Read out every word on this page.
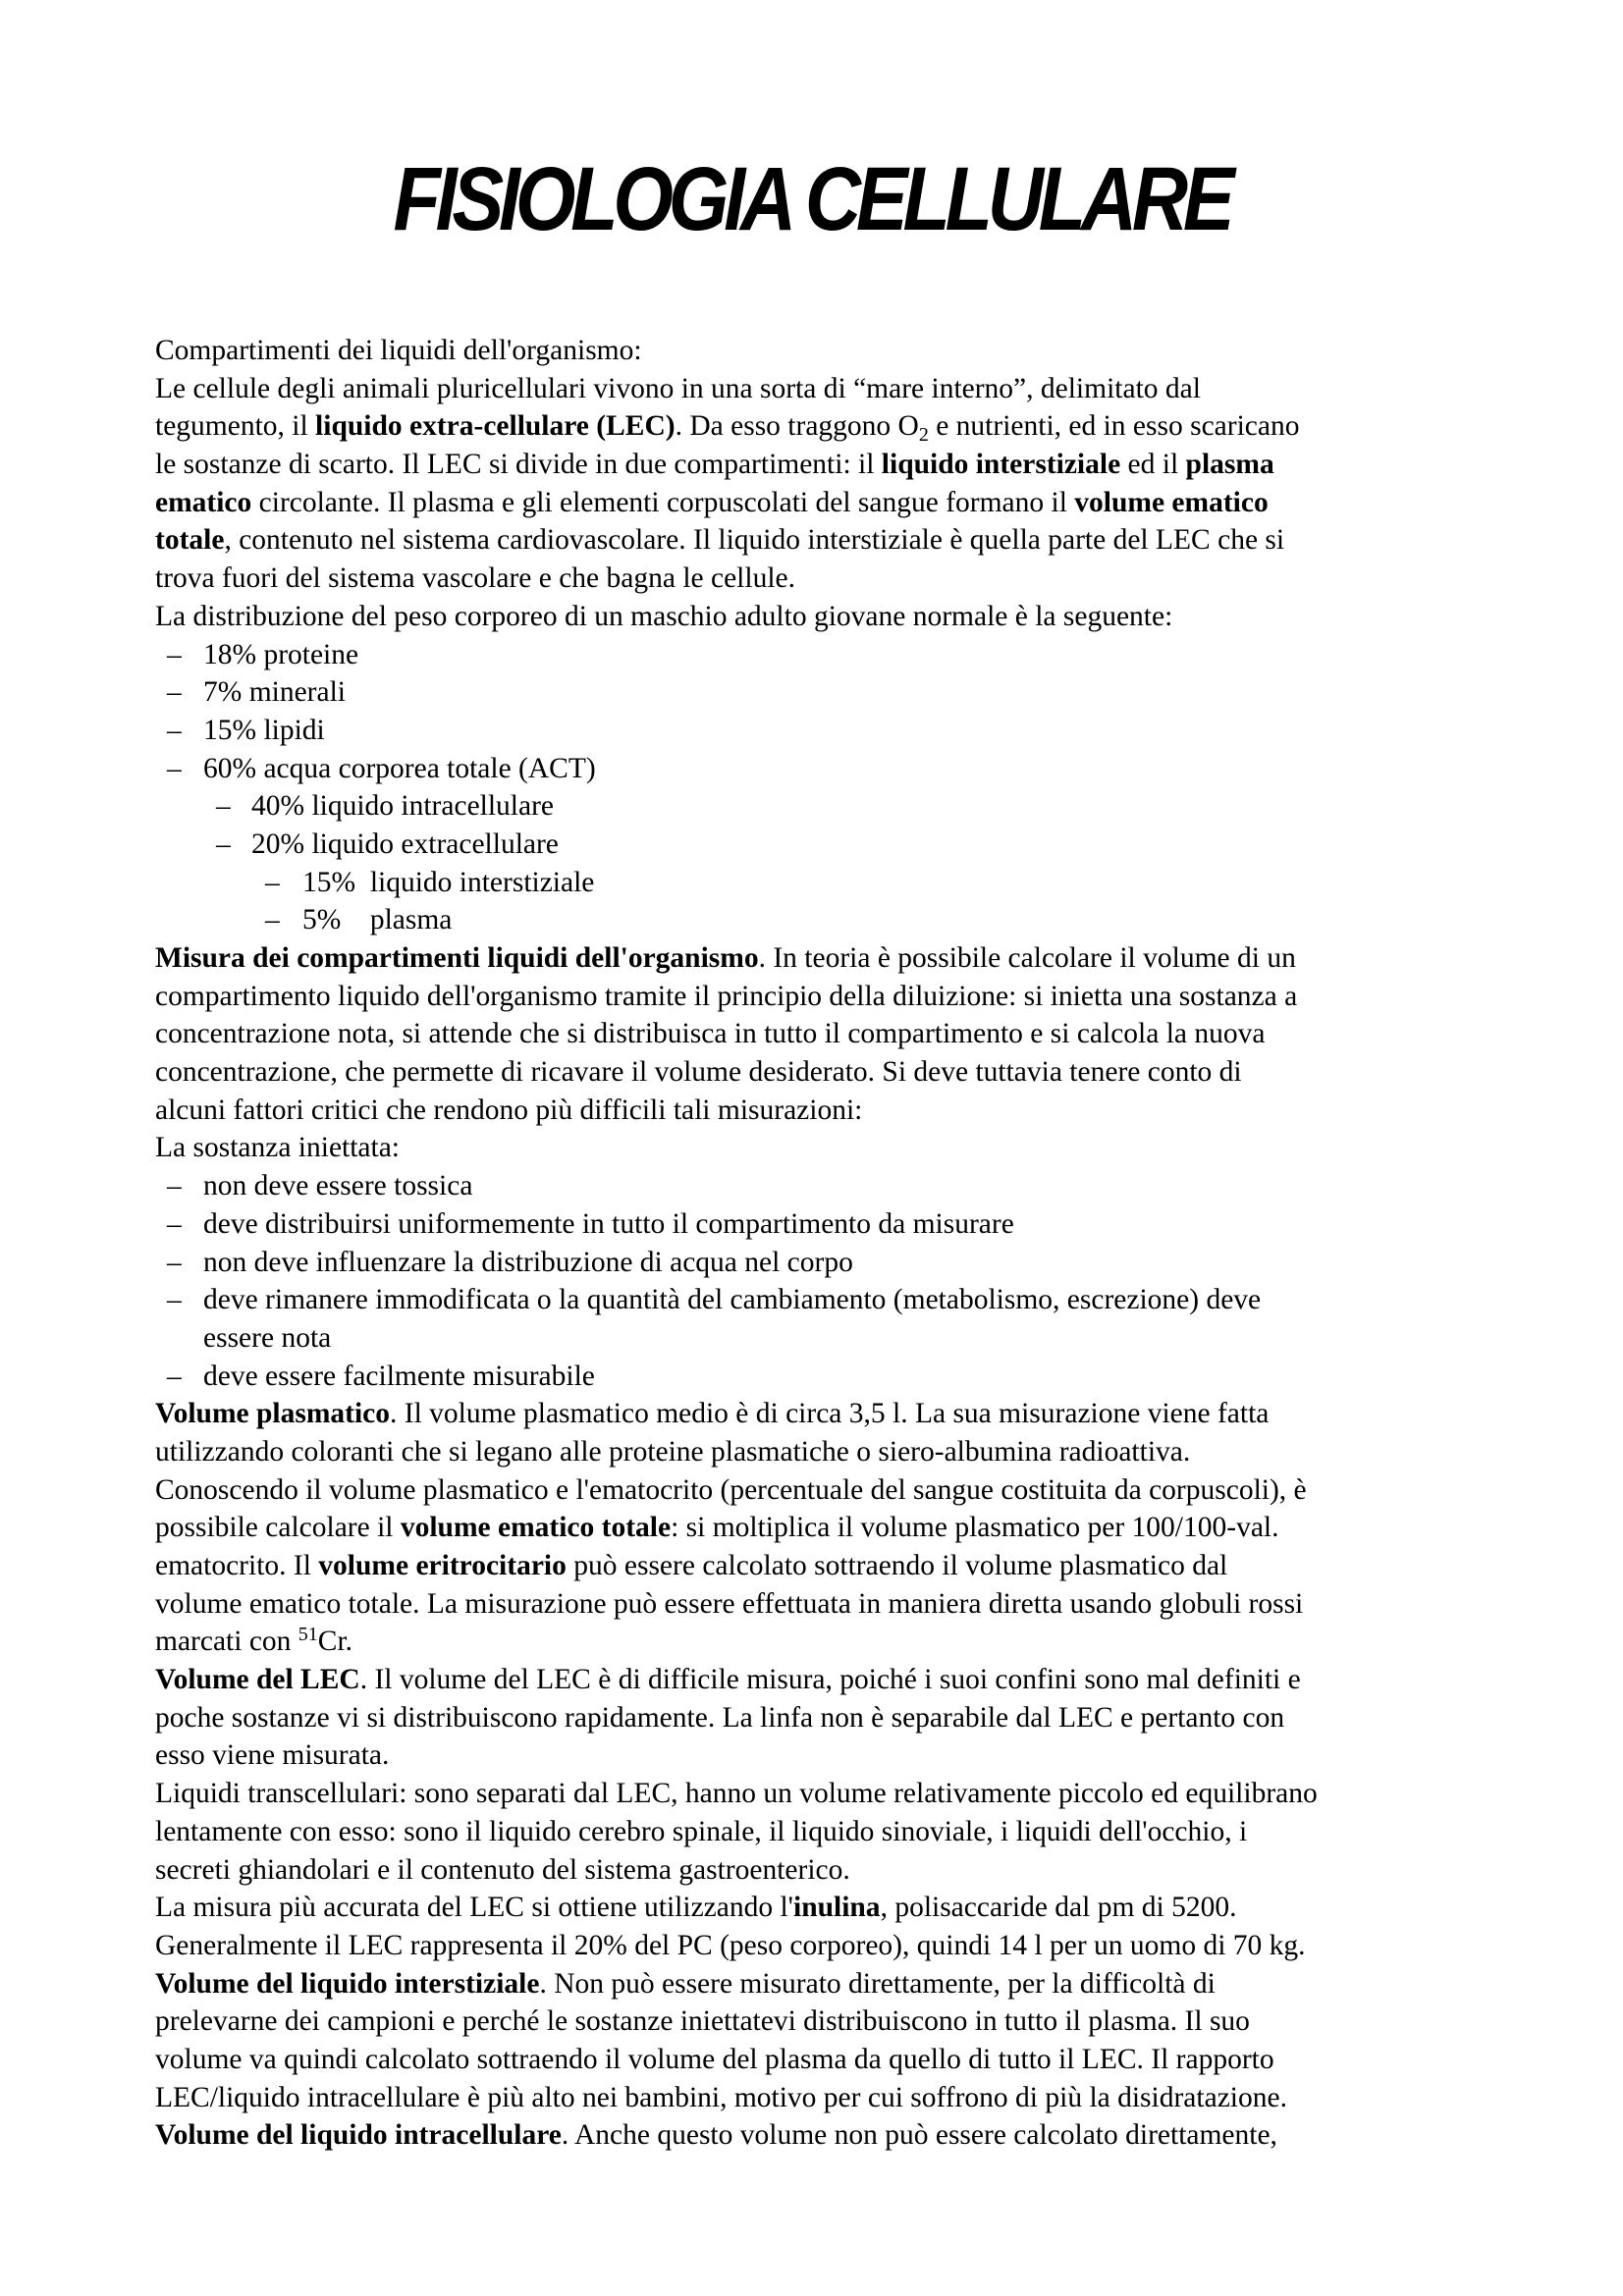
FISIOLOGIA CELLULARE
Compartimenti dei liquidi dell'organismo:
Le cellule degli animali pluricellulari vivono in una sorta di “mare interno”, delimitato dal
tegumento, il liquido extra-cellulare (LEC). Da esso traggono $O_2$ e nutrienti, ed in esso scaricano
le sostanze di scarto. Il LEC si divide in due compartimenti: il liquido interstiziale ed il plasma
ematico circolante. Il plasma e gli elementi corpuscolati del sangue formano il volume ematico
totale, contenuto nel sistema cardiovascolare. Il liquido interstiziale è quella parte del LEC che si
trova fuori del sistema vascolare e che bagna le cellule.
La distribuzione del peso corporeo di un maschio adulto giovane normale è la seguente:
– 18% proteine
– 7% minerali
– 15% lipidi
– 60% acqua corporea totale (ACT)
– 40% liquido intracellulare
– 20% liquido extracellulare
– 15%  liquido interstiziale
– 5%    plasma
Misura dei compartimenti liquidi dell'organismo. In teoria è possibile calcolare il volume di un
compartimento liquido dell'organismo tramite il principio della diluizione: si inietta una sostanza a
concentrazione nota, si attende che si distribuisca in tutto il compartimento e si calcola la nuova
concentrazione, che permette di ricavare il volume desiderato. Si deve tuttavia tenere conto di
alcuni fattori critici che rendono più difficili tali misurazioni:
La sostanza iniettata:
– non deve essere tossica
– deve distribuirsi uniformemente in tutto il compartimento da misurare
– non deve influenzare la distribuzione di acqua nel corpo
– deve rimanere immodificata o la quantità del cambiamento (metabolismo, escrezione) deve
essere nota
– deve essere facilmente misurabile
Volume plasmatico. Il volume plasmatico medio è di circa 3,5 l. La sua misurazione viene fatta
utilizzando coloranti che si legano alle proteine plasmatiche o siero-albumina radioattiva.
Conoscendo il volume plasmatico e l'ematocrito (percentuale del sangue costituita da corpuscoli), è
possibile calcolare il volume ematico totale: si moltiplica il volume plasmatico per 100/100-val.
ematocrito. Il volume eritrocitario può essere calcolato sottraendo il volume plasmatico dal
volume ematico totale. La misurazione può essere effettuata in maniera diretta usando globuli rossi
marcati con $^{51}$Cr.
Volume del LEC. Il volume del LEC è di difficile misura, poiché i suoi confini sono mal definiti e
poche sostanze vi si distribuiscono rapidamente. La linfa non è separabile dal LEC e pertanto con
esso viene misurata.
Liquidi transcellulari: sono separati dal LEC, hanno un volume relativamente piccolo ed equilibrano
lentamente con esso: sono il liquido cerebro spinale, il liquido sinoviale, i liquidi dell'occhio, i
secreti ghiandolari e il contenuto del sistema gastroenterico.
La misura più accurata del LEC si ottiene utilizzando l'inulina, polisaccaride dal pm di 5200.
Generalmente il LEC rappresenta il 20% del PC (peso corporeo), quindi 14 l per un uomo di 70 kg.
Volume del liquido interstiziale. Non può essere misurato direttamente, per la difficoltà di
prelevarne dei campioni e perché le sostanze iniettatevi distribuiscono in tutto il plasma. Il suo
volume va quindi calcolato sottraendo il volume del plasma da quello di tutto il LEC. Il rapporto
LEC/liquido intracellulare è più alto nei bambini, motivo per cui soffrono di più la disidratazione.
Volume del liquido intracellulare. Anche questo volume non può essere calcolato direttamente,
